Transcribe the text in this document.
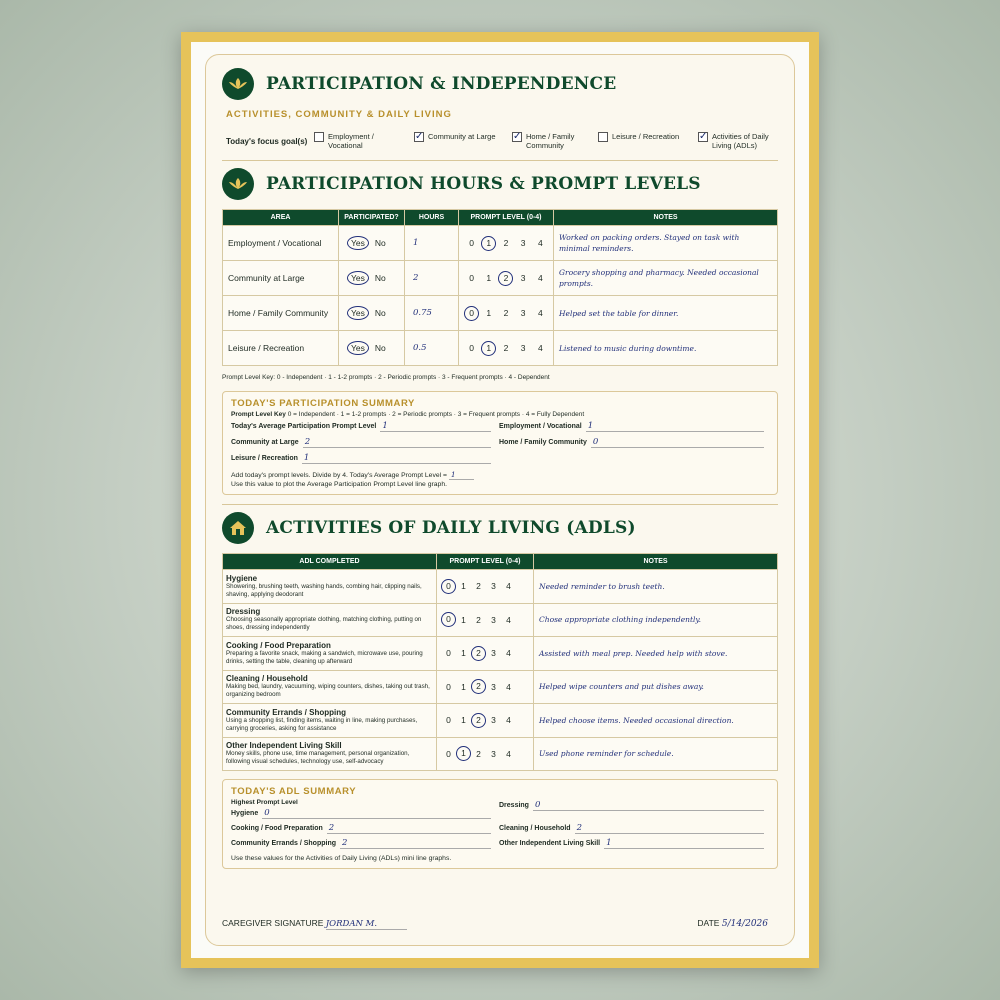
PARTICIPATION & INDEPENDENCE
ACTIVITIES, COMMUNITY & DAILY LIVING
Today's focus goal(s)	Employment / Vocational
✓ Community at Large ✓ Home / Family Community
Leisure / Recreation ✓ Activities of Daily Living (ADLs)
PARTICIPATION HOURS & PROMPT LEVELS
AREA	PARTICIPATED?	HOURS	PROMPT LEVEL (0-4)	NOTES
Employment / Vocational	Yes No	1	0 1 2 3 4	Worked on packing orders. Stayed on task with minimal reminders.
Community at Large	Yes No	2	0 1 2 3 4	Grocery shopping and pharmacy. Needed occasional prompts.
Home / Family Community	Yes No	0.75	0 1 2 3 4	Helped set the table for dinner.
Leisure / Recreation	Yes No	0.5	0 1 2 3 4	Listened to music during downtime.
Prompt Level Key: 0 - Independent · 1 - 1-2 prompts · 2 - Periodic prompts · 3 - Frequent prompts · 4 - Dependent
TODAY'S PARTICIPATION SUMMARY
Prompt Level Key 0 = Independent · 1 = 1-2 prompts · 2 = Periodic prompts · 3 = Frequent prompts · 4 = Fully Dependent
Today's Average Participation Prompt Level 1	Employment / Vocational 1
Community at Large 2	Home / Family Community 0
Leisure / Recreation 1
Add today's prompt levels. Divide by 4. Today's Average Prompt Level = 1
Use this value to plot the Average Participation Prompt Level line graph.
ACTIVITIES OF DAILY LIVING (ADLS)
ADL COMPLETED	PROMPT LEVEL (0-4)	NOTES

Hygiene
Showering, brushing teeth, washing hands, combing hair, clipping nails, shaving, applying deodorant	0 1 2 3 4	Needed reminder to brush teeth.

Dressing
Choosing seasonally appropriate clothing, matching clothing, putting on shoes, dressing independently	0 1 2 3 4	Chose appropriate clothing independently.

Cooking / Food Preparation
Preparing a favorite snack, making a sandwich, microwave use, pouring drinks, setting the table, cleaning up afterward	0 1 2 3 4	Assisted with meal prep. Needed help with stove.

Cleaning / Household
Making bed, laundry, vacuuming, wiping counters, dishes, taking out trash, organizing bedroom	0 1 2 3 4	Helped wipe counters and put dishes away.

Community Errands / Shopping
Using a shopping list, finding items, waiting in line, making purchases, carrying groceries, asking for assistance	0 1 2 3 4	Helped choose items. Needed occasional direction.

Other Independent Living Skill
Money skills, phone use, time management, personal organization, following visual schedules, technology use, self-advocacy	0 1 2 3 4	Used phone reminder for schedule.
TODAY'S ADL SUMMARY
Highest Prompt Level
Hygiene 0
Dressing 0
Cooking / Food Preparation 2	Cleaning / Household 2
Community Errands / Shopping 2	Other Independent Living Skill 1
Use these values for the Activities of Daily Living (ADLs) mini line graphs.
CAREGIVER SIGNATURE JORDAN M.	DATE 5/14/2026
